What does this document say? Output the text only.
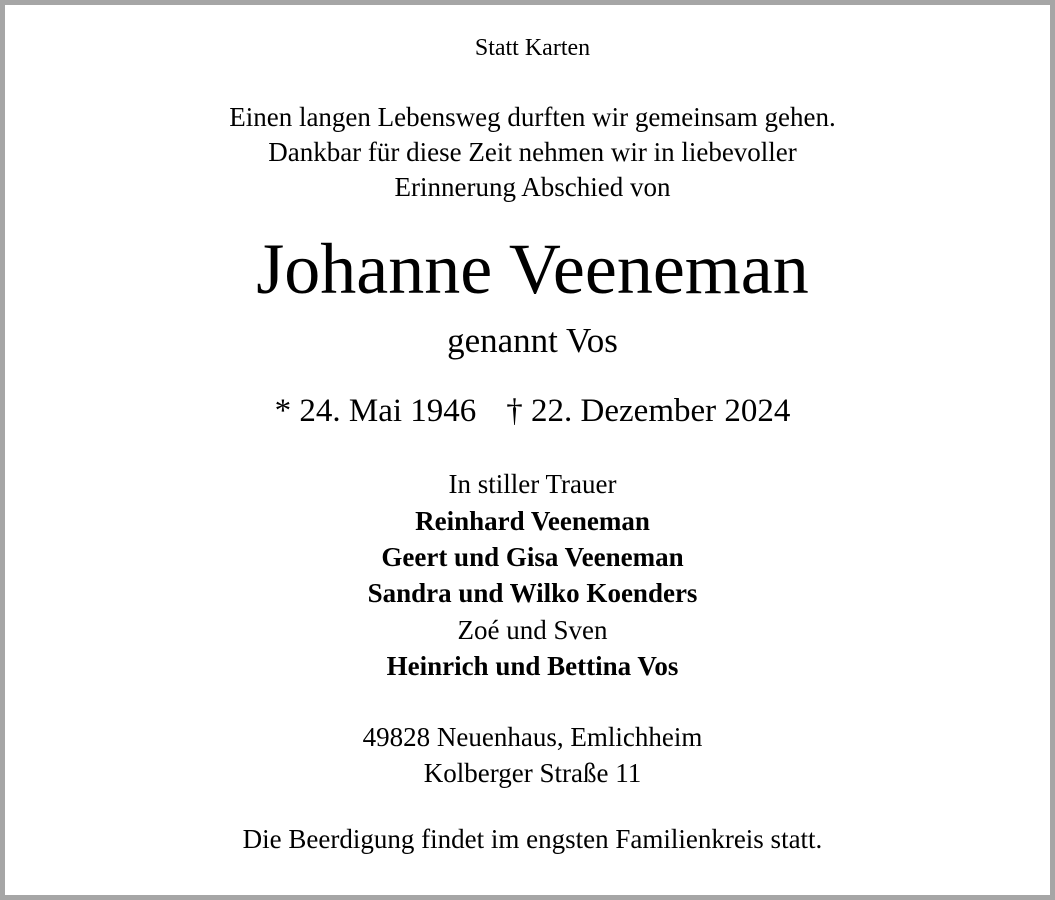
Statt Karten
Einen langen Lebensweg durften wir gemeinsam gehen.
Dankbar für diese Zeit nehmen wir in liebevoller
Erinnerung Abschied von
Johanne Veeneman
genannt Vos
* 24. Mai 1946 † 22. Dezember 2024
In stiller Trauer
Reinhard Veeneman
Geert und Gisa Veeneman
Sandra und Wilko Koenders
Zoé und Sven
Heinrich und Bettina Vos
49828 Neuenhaus, Emlichheim
Kolberger Straße 11
Die Beerdigung findet im engsten Familienkreis statt.
